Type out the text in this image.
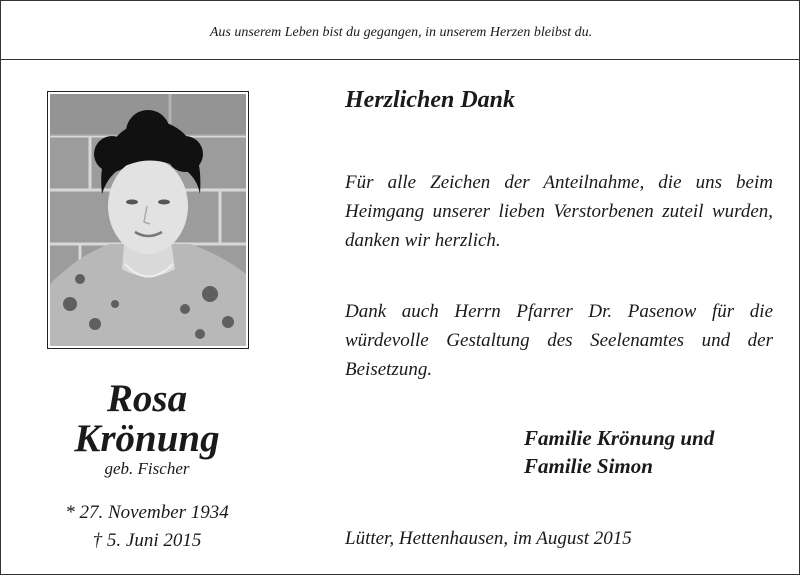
Aus unserem Leben bist du gegangen, in unserem Herzen bleibst du.
Rosa
Krönung
geb. Fischer
* 27. November 1934
† 5. Juni 2015
Herzlichen Dank
Für alle Zeichen der Anteilnahme, die uns beim Heimgang unserer lieben Verstorbenen zuteil wurden, danken wir herzlich.
Dank auch Herrn Pfarrer Dr. Pasenow für die würdevolle Gestaltung des Seelenamtes und der Beisetzung.
Familie Krönung und
Familie Simon
Lütter, Hettenhausen, im August 2015
